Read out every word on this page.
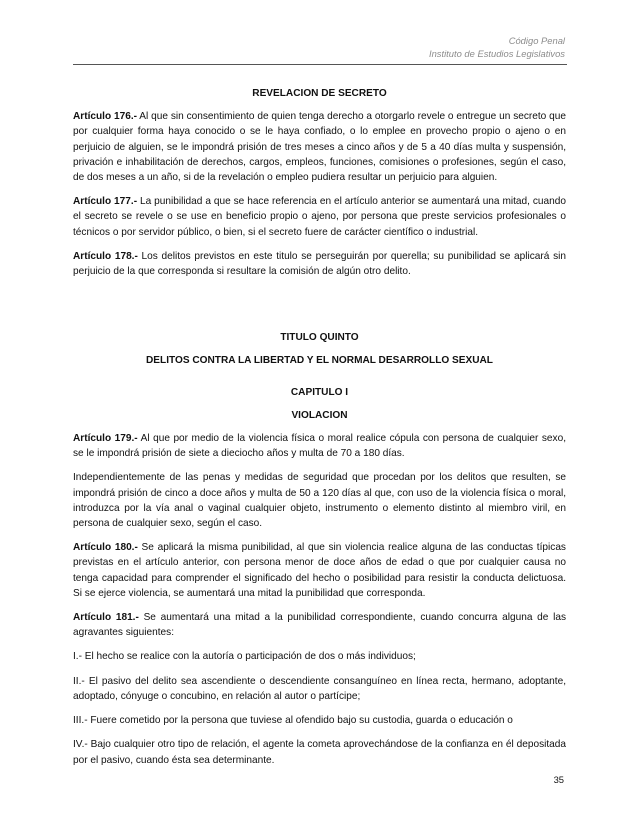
Código Penal
Instituto de Estudios Legislativos

REVELACION DE SECRETO

Artículo 176.- Al que sin consentimiento de quien tenga derecho a otorgarlo revele o entregue un secreto que por cualquier forma haya conocido o se le haya confiado, o lo emplee en provecho propio o ajeno o en perjuicio de alguien, se le impondrá prisión de tres meses a cinco años y de 5 a 40 días multa y suspensión, privación e inhabilitación de derechos, cargos, empleos, funciones, comisiones o profesiones, según el caso, de dos meses a un año, si de la revelación o empleo pudiera resultar un perjuicio para alguien.

Artículo 177.- La punibilidad a que se hace referencia en el artículo anterior se aumentará una mitad, cuando el secreto se revele o se use en beneficio propio o ajeno, por persona que preste servicios profesionales o técnicos o por servidor público, o bien, si el secreto fuere de carácter científico o industrial.

Artículo 178.- Los delitos previstos en este titulo se perseguirán por querella; su punibilidad se aplicará sin perjuicio de la que corresponda si resultare la comisión de algún otro delito.

TITULO QUINTO

DELITOS CONTRA LA LIBERTAD Y EL NORMAL DESARROLLO SEXUAL

CAPITULO I

VIOLACION

Artículo 179.- Al que por medio de la violencia física o moral realice cópula con persona de cualquier sexo, se le impondrá prisión de siete a dieciocho años y multa de 70 a 180 días.

Independientemente de las penas y medidas de seguridad que procedan por los delitos que resulten, se impondrá prisión de cinco a doce años y multa de 50 a 120 días al que, con uso de la violencia física o moral, introduzca por la vía anal o vaginal cualquier objeto, instrumento o elemento distinto al miembro viril, en persona de cualquier sexo, según el caso.

Artículo 180.- Se aplicará la misma punibilidad, al que sin violencia realice alguna de las conductas típicas previstas en el artículo anterior, con persona menor de doce años de edad o que por cualquier causa no tenga capacidad para comprender el significado del hecho o posibilidad para resistir la conducta delictuosa. Si se ejerce violencia, se aumentará una mitad la punibilidad que corresponda.

Artículo 181.- Se aumentará una mitad a la punibilidad correspondiente, cuando concurra alguna de las agravantes siguientes:

I.- El hecho se realice con la autoría o participación de dos o más individuos;

II.- El pasivo del delito sea ascendiente o descendiente consanguíneo en línea recta, hermano, adoptante, adoptado, cónyuge o concubino, en relación al autor o partícipe;

III.- Fuere cometido por la persona que tuviese al ofendido bajo su custodia, guarda o educación o

IV.- Bajo cualquier otro tipo de relación, el agente la cometa aprovechándose de la confianza en él depositada por el pasivo, cuando ésta sea determinante.

35
